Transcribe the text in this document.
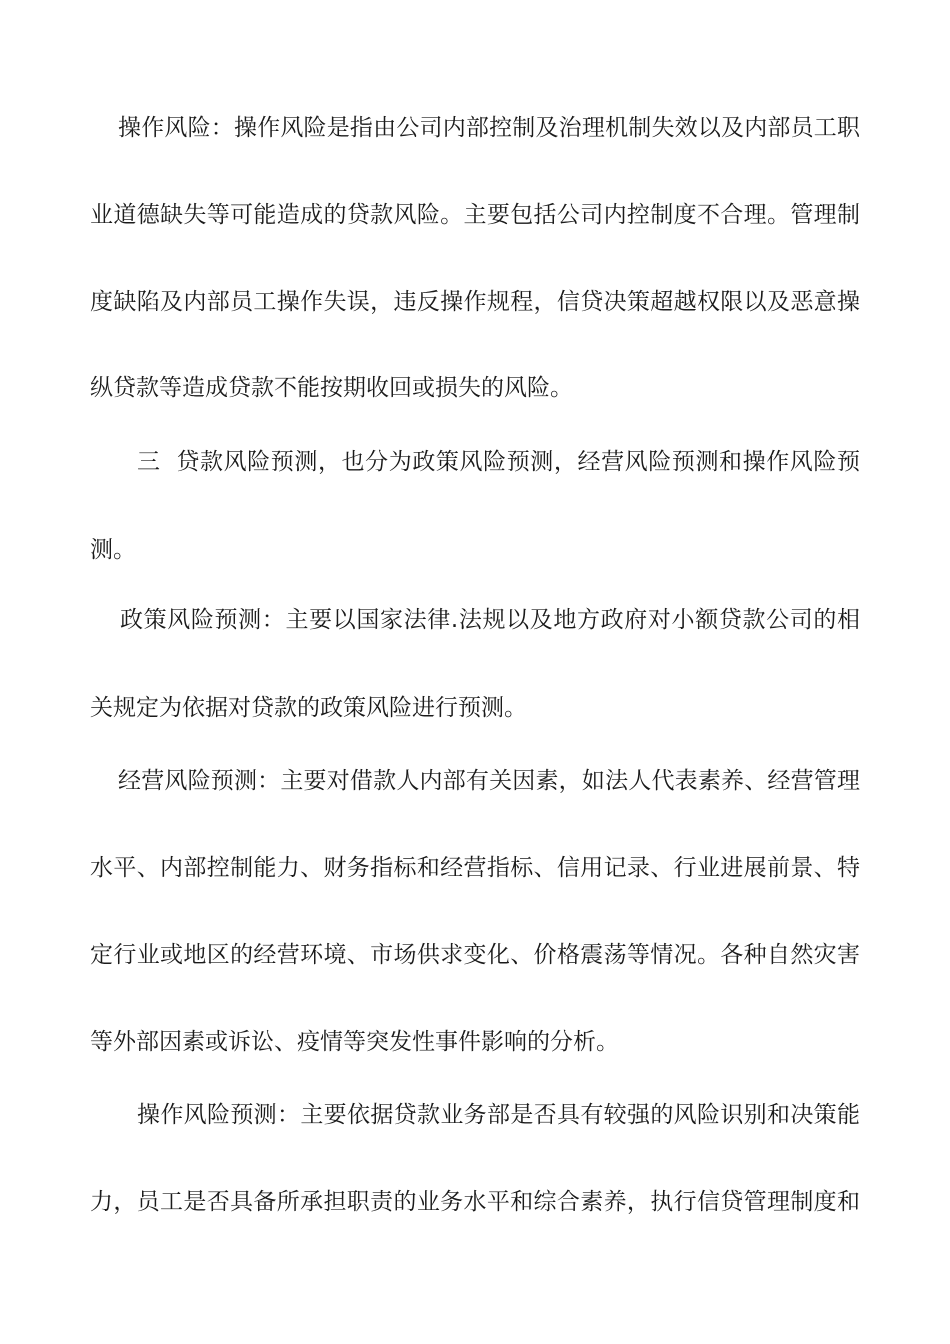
操作风险：操作风险是指由公司内部控制及治理机制失效以及内部员工职
业道德缺失等可能造成的贷款风险。主要包括公司内控制度不合理。管理制
度缺陷及内部员工操作失误，违反操作规程，信贷决策超越权限以及恶意操
纵贷款等造成贷款不能按期收回或损失的风险。
三  贷款风险预测，也分为政策风险预测，经营风险预测和操作风险预
测。
政策风险预测：主要以国家法律.法规以及地方政府对小额贷款公司的相
关规定为依据对贷款的政策风险进行预测。
经营风险预测：主要对借款人内部有关因素，如法人代表素养、经营管理
水平、内部控制能力、财务指标和经营指标、信用记录、行业进展前景、特
定行业或地区的经营环境、市场供求变化、价格震荡等情况。各种自然灾害
等外部因素或诉讼、疫情等突发性事件影响的分析。
操作风险预测：主要依据贷款业务部是否具有较强的风险识别和决策能
力，员工是否具备所承担职责的业务水平和综合素养，执行信贷管理制度和
